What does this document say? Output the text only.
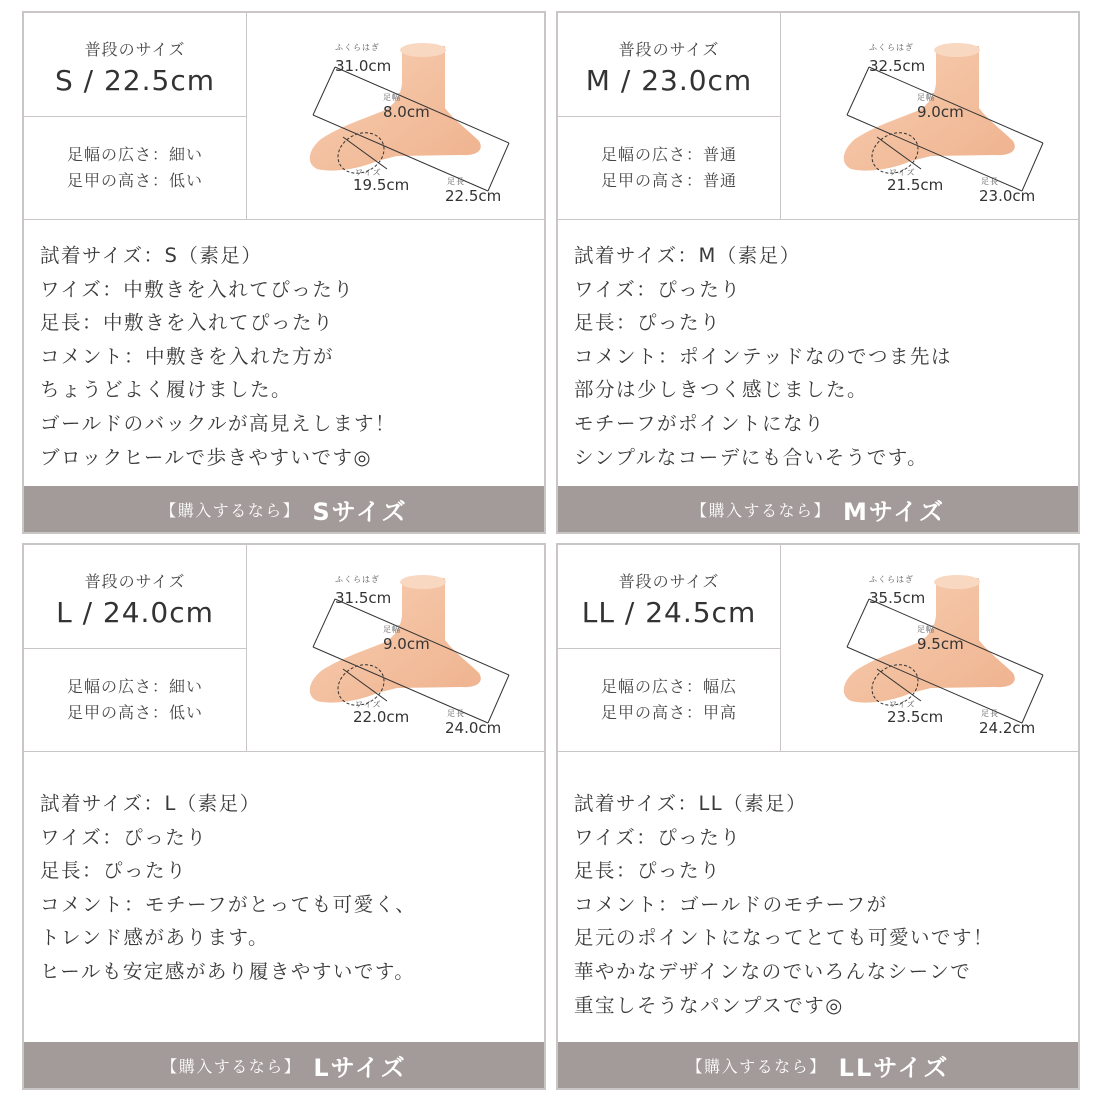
普段のサイズ
S / 22.5cm
足幅の広さ：細い
足甲の高さ：低い
ふくらはぎ
31.0cm
足幅
8.0cm
ワイズ
19.5cm	足長
22.5cm
試着サイズ：S（素足）
ワイズ：中敷きを入れてぴったり
足長：中敷きを入れてぴったり
コメント：中敷きを入れた方が
ちょうどよく履けました。
ゴールドのバックルが高見えします！
ブロックヒールで歩きやすいです◎
【購入するなら】 Sサイズ
普段のサイズ
M / 23.0cm
足幅の広さ：普通
足甲の高さ：普通
ふくらはぎ
32.5cm
足幅
9.0cm
ワイズ
21.5cm	足長
23.0cm
試着サイズ：M（素足）
ワイズ：ぴったり
足長：ぴったり
コメント：ポインテッドなのでつま先は
部分は少しきつく感じました。
モチーフがポイントになり
シンプルなコーデにも合いそうです。
【購入するなら】 Mサイズ
普段のサイズ
L / 24.0cm
足幅の広さ：細い
足甲の高さ：低い
ふくらはぎ
31.5cm
足幅
9.0cm
ワイズ
22.0cm	足長
24.0cm
試着サイズ：L（素足）
ワイズ：ぴったり
足長：ぴったり
コメント：モチーフがとっても可愛く、
トレンド感があります。
ヒールも安定感があり履きやすいです。
【購入するなら】 Lサイズ
普段のサイズ
LL / 24.5cm
足幅の広さ：幅広
足甲の高さ：甲高
ふくらはぎ
35.5cm
足幅
9.5cm
ワイズ
23.5cm	足長
24.2cm
試着サイズ：LL（素足）
ワイズ：ぴったり
足長：ぴったり
コメント：ゴールドのモチーフが
足元のポイントになってとても可愛いです！
華やかなデザインなのでいろんなシーンで
重宝しそうなパンプスです◎
【購入するなら】 LLサイズ
